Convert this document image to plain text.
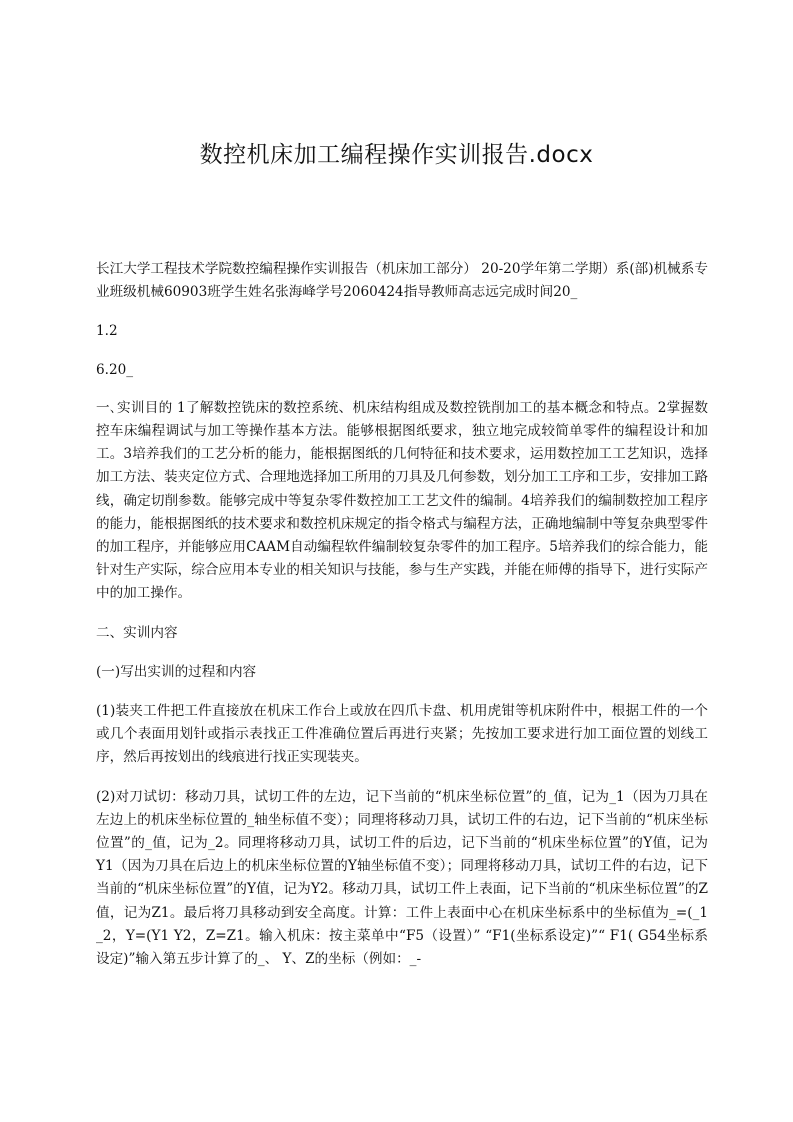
数控机床加工编程操作实训报告.docx

长江大学工程技术学院数控编程操作实训报告（机床加工部分） 20-20学年第二学期）系(部)机械系专业班级机械60903班学生姓名张海峰学号2060424指导教师高志远完成时间20_

1.2

6.20_

一､实训目的 1了解数控铣床的数控系统、机床结构组成及数控铣削加工的基本概念和特点。2掌握数控车床编程调试与加工等操作基本方法。能够根据图纸要求，独立地完成较简单零件的编程设计和加工。3培养我们的工艺分析的能力，能根据图纸的几何特征和技术要求，运用数控加工工艺知识，选择加工方法、装夹定位方式、合理地选择加工所用的刀具及几何参数，划分加工工序和工步，安排加工路线，确定切削参数。能够完成中等复杂零件数控加工工艺文件的编制。4培养我们的编制数控加工程序的能力，能根据图纸的技术要求和数控机床规定的指令格式与编程方法，正确地编制中等复杂典型零件的加工程序，并能够应用CAAM自动编程软件编制较复杂零件的加工程序。5培养我们的综合能力，能针对生产实际，综合应用本专业的相关知识与技能，参与生产实践，并能在师傅的指导下，进行实际产中的加工操作。

二、实训内容

(一)写出实训的过程和内容

(1)装夹工件把工件直接放在机床工作台上或放在四爪卡盘、机用虎钳等机床附件中，根据工件的一个或几个表面用划针或指示表找正工件准确位置后再进行夹紧；先按加工要求进行加工面位置的划线工序，然后再按划出的线痕进行找正实现装夹。

(2)对刀试切：移动刀具，试切工件的左边，记下当前的“机床坐标位置”的_值，记为_1（因为刀具在左边上的机床坐标位置的_轴坐标值不变）；同理将移动刀具，试切工件的右边，记下当前的“机床坐标位置”的_值，记为_2。同理将移动刀具，试切工件的后边，记下当前的“机床坐标位置”的Y值，记为 Y1（因为刀具在后边上的机床坐标位置的Y轴坐标值不变）；同理将移动刀具，试切工件的右边，记下当前的“机床坐标位置”的Y值，记为Y2。移动刀具，试切工件上表面，记下当前的“机床坐标位置”的Z值，记为Z1。最后将刀具移动到安全高度。计算：工件上表面中心在机床坐标系中的坐标值为_=(_1 _2，Y=(Y1 Y2，Z=Z1。输入机床：按主菜单中“F5（设置）” “F1(坐标系设定)”“ F1( G54坐标系设定)”输入第五步计算了的_、 Y、Z的坐标（例如：_-
